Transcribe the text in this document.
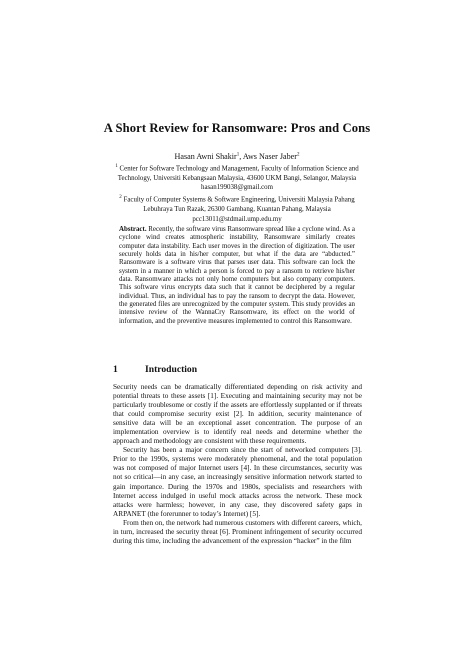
A Short Review for Ransomware: Pros and Cons

Hasan Awni Shakir$^1$, Aws Naser Jaber$^2$

$^1$ Center for Software Technology and Management, Faculty of Information Science and Technology, Universiti Kebangsaan Malaysia, 43600 UKM Bangi, Selangor, Malaysia

hasan199038@gmail.com

$^2$ Faculty of Computer Systems & Software Engineering, Universiti Malaysia Pahang Lebuhraya Tun Razak, 26300 Gambang, Kuantan Pahang, Malaysia

pcc13011@stdmail.ump.edu.my

Abstract. Recently, the software virus Ransomware spread like a cyclone wind. As a cyclone wind creates atmospheric instability, Ransomware similarly creates computer data instability. Each user moves in the direction of digitization. The user securely holds data in his/her computer, but what if the data are “abducted.” Ransomware is a software virus that parses user data. This software can lock the system in a manner in which a person is forced to pay a ransom to retrieve his/her data. Ransomware attacks not only home computers but also company computers. This software virus encrypts data such that it cannot be deciphered by a regular individual. Thus, an individual has to pay the ransom to decrypt the data. However, the generated files are unrecognized by the computer system. This study provides an intensive review of the WannaCry Ransomware, its effect on the world of information, and the preventive measures implemented to control this Ransomware.

1	Introduction

Security needs can be dramatically differentiated depending on risk activity and potential threats to these assets [1]. Executing and maintaining security may not be particularly troublesome or costly if the assets are effortlessly supplanted or if threats that could compromise security exist [2]. In addition, security maintenance of sensitive data will be an exceptional asset concentration. The purpose of an implementation overview is to identify real needs and determine whether the approach and methodology are consistent with these requirements.

Security has been a major concern since the start of networked computers [3]. Prior to the 1990s, systems were moderately phenomenal, and the total population was not composed of major Internet users [4]. In these circumstances, security was not so critical—in any case, an increasingly sensitive information network started to gain importance. During the 1970s and 1980s, specialists and researchers with Internet access indulged in useful mock attacks across the network. These mock attacks were harmless; however, in any case, they discovered safety gaps in ARPANET (the forerunner to today’s Internet) [5].

From then on, the network had numerous customers with different careers, which, in turn, increased the security threat [6]. Prominent infringement of security occurred during this time, including the advancement of the expression “hacker” in the film
